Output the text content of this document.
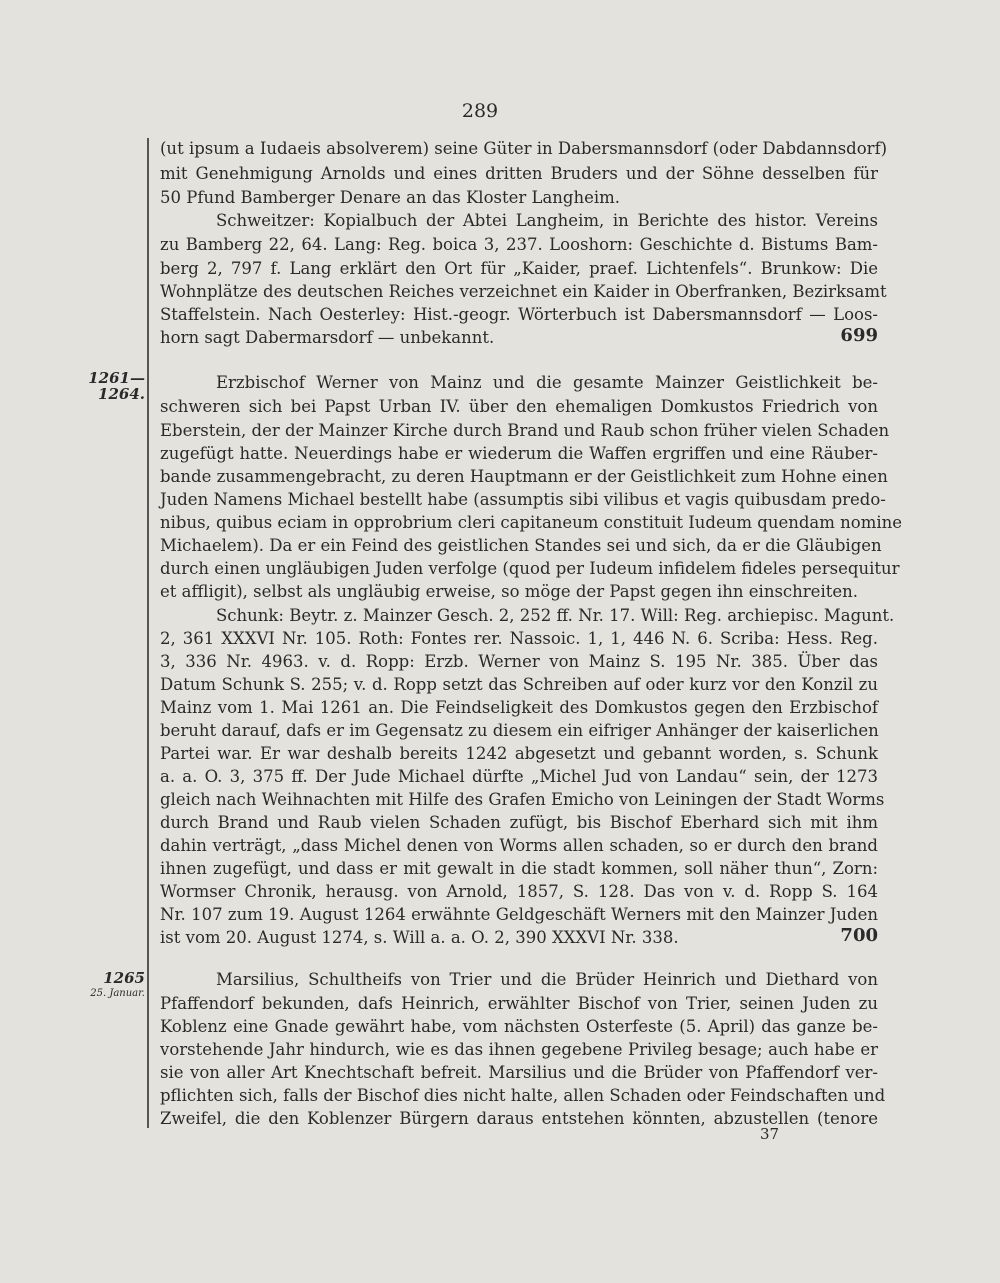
289
(ut ipsum a Iudaeis absolverem) seine Güter in Dabersmannsdorf (oder Dabdannsdorf)
mit Genehmigung Arnolds und eines dritten Bruders und der Söhne desselben für
50 Pfund Bamberger Denare an das Kloster Langheim.
Schweitzer: Kopialbuch der Abtei Langheim, in Berichte des histor. Vereins
zu Bamberg 22, 64. Lang: Reg. boica 3, 237. Looshorn: Geschichte d. Bistums Bam-
berg 2, 797 f. Lang erklärt den Ort für „Kaider, praef. Lichtenfels“. Brunkow: Die
Wohnplätze des deutschen Reiches verzeichnet ein Kaider in Oberfranken, Bezirksamt
Staffelstein. Nach Oesterley: Hist.-geogr. Wörterbuch ist Dabersmannsdorf — Loos-
horn sagt Dabermarsdorf — unbekannt.	699
1261—
1264.
Erzbischof Werner von Mainz und die gesamte Mainzer Geistlichkeit be-
schweren sich bei Papst Urban IV. über den ehemaligen Domkustos Friedrich von
Eberstein, der der Mainzer Kirche durch Brand und Raub schon früher vielen Schaden
zugefügt hatte. Neuerdings habe er wiederum die Waffen ergriffen und eine Räuber-
bande zusammengebracht, zu deren Hauptmann er der Geistlichkeit zum Hohne einen
Juden Namens Michael bestellt habe (assumptis sibi vilibus et vagis quibusdam predo-
nibus, quibus eciam in opprobrium cleri capitaneum constituit Iudeum quendam nomine
Michaelem). Da er ein Feind des geistlichen Standes sei und sich, da er die Gläubigen
durch einen ungläubigen Juden verfolge (quod per Iudeum infidelem fideles persequitur
et affligit), selbst als ungläubig erweise, so möge der Papst gegen ihn einschreiten.
Schunk: Beytr. z. Mainzer Gesch. 2, 252 ff. Nr. 17. Will: Reg. archiepisc. Magunt.
2, 361 XXXVI Nr. 105. Roth: Fontes rer. Nassoic. 1, 1, 446 N. 6. Scriba: Hess. Reg.
3, 336 Nr. 4963. v. d. Ropp: Erzb. Werner von Mainz S. 195 Nr. 385. Über das
Datum Schunk S. 255; v. d. Ropp setzt das Schreiben auf oder kurz vor den Konzil zu
Mainz vom 1. Mai 1261 an. Die Feindseligkeit des Domkustos gegen den Erzbischof
beruht darauf, dafs er im Gegensatz zu diesem ein eifriger Anhänger der kaiserlichen
Partei war. Er war deshalb bereits 1242 abgesetzt und gebannt worden, s. Schunk
a. a. O. 3, 375 ff. Der Jude Michael dürfte „Michel Jud von Landau“ sein, der 1273
gleich nach Weihnachten mit Hilfe des Grafen Emicho von Leiningen der Stadt Worms
durch Brand und Raub vielen Schaden zufügt, bis Bischof Eberhard sich mit ihm
dahin verträgt, „dass Michel denen von Worms allen schaden, so er durch den brand
ihnen zugefügt, und dass er mit gewalt in die stadt kommen, soll näher thun“, Zorn:
Wormser Chronik, herausg. von Arnold, 1857, S. 128. Das von v. d. Ropp S. 164
Nr. 107 zum 19. August 1264 erwähnte Geldgeschäft Werners mit den Mainzer Juden
ist vom 20. August 1274, s. Will a. a. O. 2, 390 XXXVI Nr. 338.	700
1265
25. Januar.
Marsilius, Schultheifs von Trier und die Brüder Heinrich und Diethard von
Pfaffendorf bekunden, dafs Heinrich, erwählter Bischof von Trier, seinen Juden zu
Koblenz eine Gnade gewährt habe, vom nächsten Osterfeste (5. April) das ganze be-
vorstehende Jahr hindurch, wie es das ihnen gegebene Privileg besage; auch habe er
sie von aller Art Knechtschaft befreit. Marsilius und die Brüder von Pfaffendorf ver-
pflichten sich, falls der Bischof dies nicht halte, allen Schaden oder Feindschaften und
Zweifel, die den Koblenzer Bürgern daraus entstehen könnten, abzustellen (tenore
37
